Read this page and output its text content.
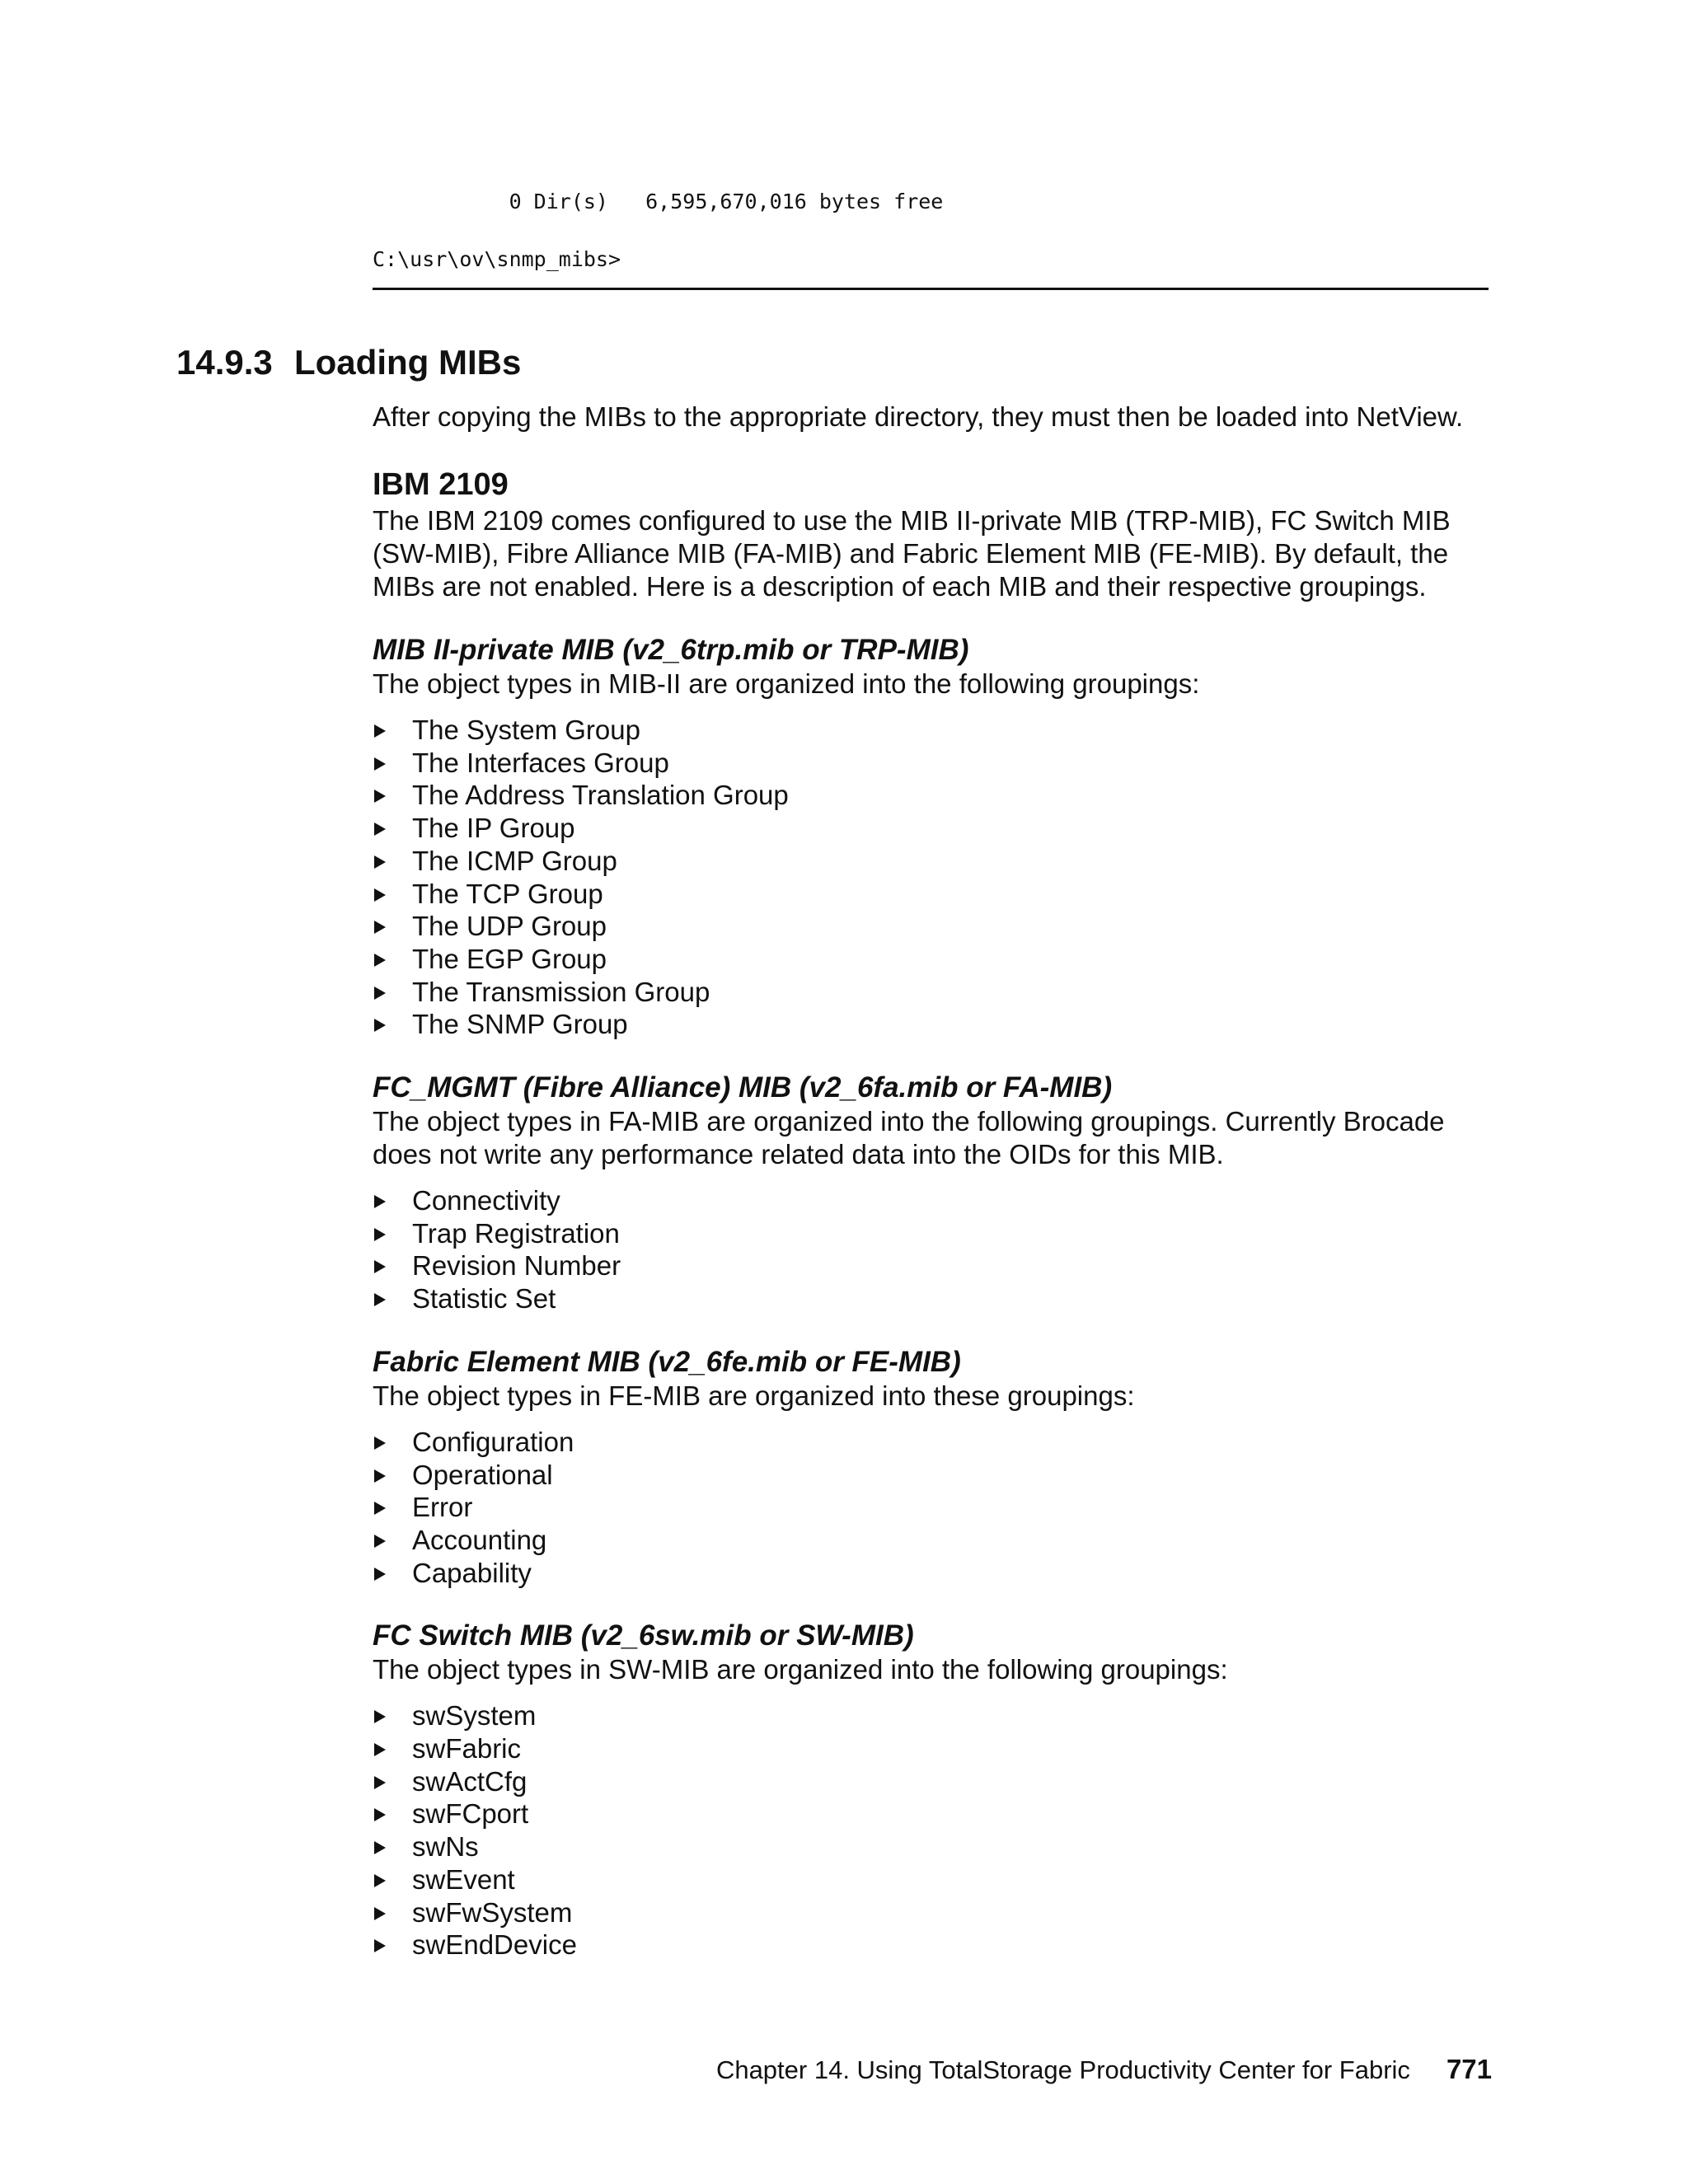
0 Dir(s)   6,595,670,016 bytes free
C:\usr\ov\snmp_mibs>
14.9.3 Loading MIBs

After copying the MIBs to the appropriate directory, they must then be loaded into NetView.

IBM 2109

The IBM 2109 comes configured to use the MIB II-private MIB (TRP-MIB), FC Switch MIB (SW-MIB), Fibre Alliance MIB (FA-MIB) and Fabric Element MIB (FE-MIB). By default, the MIBs are not enabled. Here is a description of each MIB and their respective groupings.

MIB II-private MIB (v2_6trp.mib or TRP-MIB)

The object types in MIB-II are organized into the following groupings:

The System Group
The Interfaces Group
The Address Translation Group
The IP Group
The ICMP Group
The TCP Group
The UDP Group
The EGP Group
The Transmission Group
The SNMP Group
FC_MGMT (Fibre Alliance) MIB (v2_6fa.mib or FA-MIB)

The object types in FA-MIB are organized into the following groupings. Currently Brocade does not write any performance related data into the OIDs for this MIB.

Connectivity
Trap Registration
Revision Number
Statistic Set
Fabric Element MIB (v2_6fe.mib or FE-MIB)

The object types in FE-MIB are organized into these groupings:

Configuration
Operational
Error
Accounting
Capability
FC Switch MIB (v2_6sw.mib or SW-MIB)

The object types in SW-MIB are organized into the following groupings:

swSystem
swFabric
swActCfg
swFCport
swNs
swEvent
swFwSystem
swEndDevice
Chapter 14. Using TotalStorage Productivity Center for Fabric 771
